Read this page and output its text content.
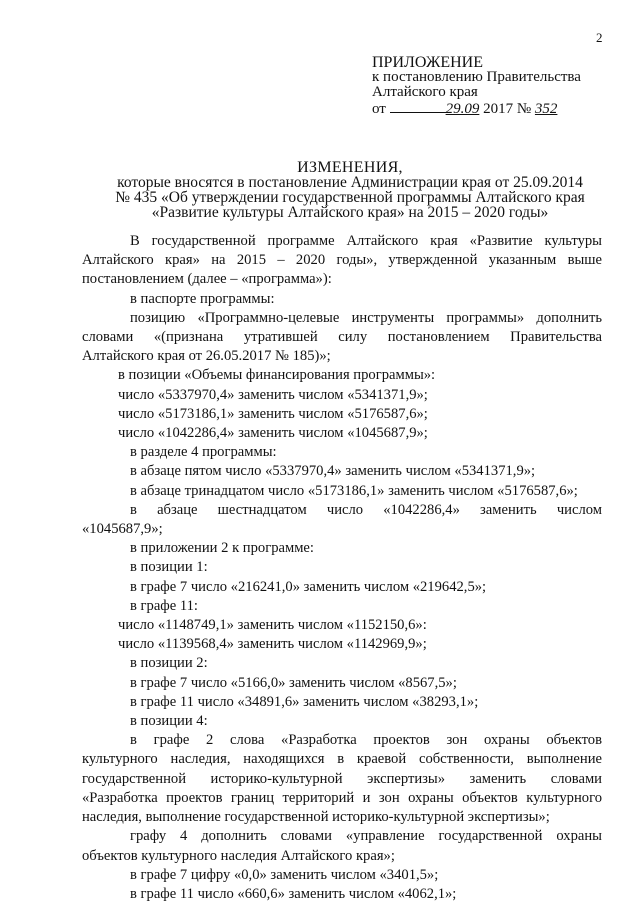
2
ПРИЛОЖЕНИЕ
к постановлению Правительства
Алтайского края
от	29.09 2017 № 352
ИЗМЕНЕНИЯ,
которые вносятся в постановление Администрации края от 25.09.2014
№ 435 «Об утверждении государственной программы Алтайского края
«Развитие культуры Алтайского края» на 2015 – 2020 годы»
В государственной программе Алтайского края «Развитие культуры
Алтайского края» на 2015 – 2020 годы», утвержденной указанным выше
постановлением (далее – «программа»):
в паспорте программы:
позицию «Программно-целевые инструменты программы» дополнить
словами «(признана утратившей силу постановлением Правительства
Алтайского края от 26.05.2017 № 185)»;
в позиции «Объемы финансирования программы»:
число «5337970,4» заменить числом «5341371,9»;
число «5173186,1» заменить числом «5176587,6»;
число «1042286,4» заменить числом «1045687,9»;
в разделе 4 программы:
в абзаце пятом число «5337970,4» заменить числом «5341371,9»;
в абзаце тринадцатом число «5173186,1» заменить числом «5176587,6»;
в абзаце шестнадцатом число «1042286,4» заменить числом
«1045687,9»;
в приложении 2 к программе:
в позиции 1:
в графе 7 число «216241,0» заменить числом «219642,5»;
в графе 11:
число «1148749,1» заменить числом «1152150,6»:
число «1139568,4» заменить числом «1142969,9»;
в позиции 2:
в графе 7 число «5166,0» заменить числом «8567,5»;
в графе 11 число «34891,6» заменить числом «38293,1»;
в позиции 4:
в графе 2 слова «Разработка проектов зон охраны объектов
культурного наследия, находящихся в краевой собственности, выполнение
государственной историко-культурной экспертизы» заменить словами
«Разработка проектов границ территорий и зон охраны объектов культурного
наследия, выполнение государственной историко-культурной экспертизы»;
графу 4 дополнить словами «управление государственной охраны
объектов культурного наследия Алтайского края»;
в графе 7 цифру «0,0» заменить числом «3401,5»;
в графе 11 число «660,6» заменить числом «4062,1»;
